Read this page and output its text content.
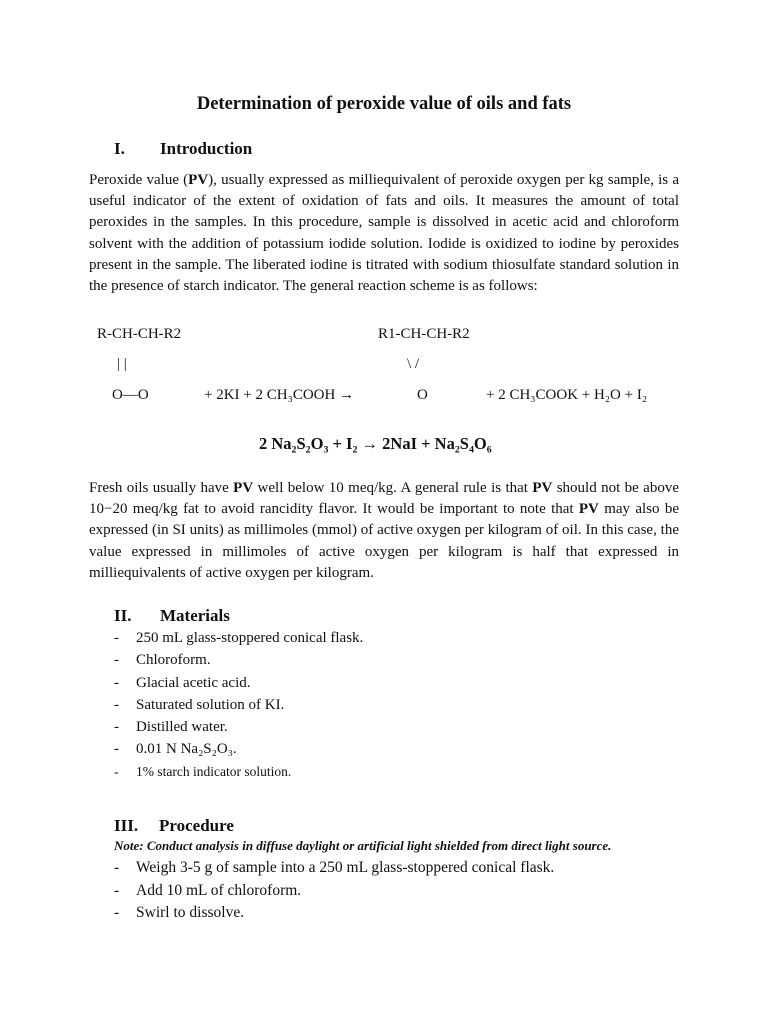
Determination of peroxide value of oils and fats
I. Introduction
Peroxide value (PV), usually expressed as milliequivalent of peroxide oxygen per kg sample, is a useful indicator of the extent of oxidation of fats and oils. It measures the amount of total peroxides in the samples. In this procedure, sample is dissolved in acetic acid and chloroform solvent with the addition of potassium iodide solution. Iodide is oxidized to iodine by peroxides present in the sample. The liberated iodine is titrated with sodium thiosulfate standard solution in the presence of starch indicator. The general reaction scheme is as follows:
R-CH-CH-R2
| |
O—O	+ 2KI + 2 CH₃COOH →
R1-CH-CH-R2
\ /
O	+ 2 CH₃COOK + H₂O + I₂
2 Na₂S₂O₃ + I₂ → 2NaI + Na₂S₄O₆
Fresh oils usually have PV well below 10 meq/kg. A general rule is that PV should not be above 10−20 meq/kg fat to avoid rancidity flavor. It would be important to note that PV may also be expressed (in SI units) as millimoles (mmol) of active oxygen per kilogram of oil. In this case, the value expressed in millimoles of active oxygen per kilogram is half that expressed in milliequivalents of active oxygen per kilogram.
II. Materials
- 250 mL glass-stoppered conical flask.
- Chloroform.
- Glacial acetic acid.
- Saturated solution of KI.
- Distilled water.
- 0.01 N Na₂S₂O₃.
- 1% starch indicator solution.
III. Procedure
Note: Conduct analysis in diffuse daylight or artificial light shielded from direct light source.
- Weigh 3-5 g of sample into a 250 mL glass-stoppered conical flask.
- Add 10 mL of chloroform.
- Swirl to dissolve.
